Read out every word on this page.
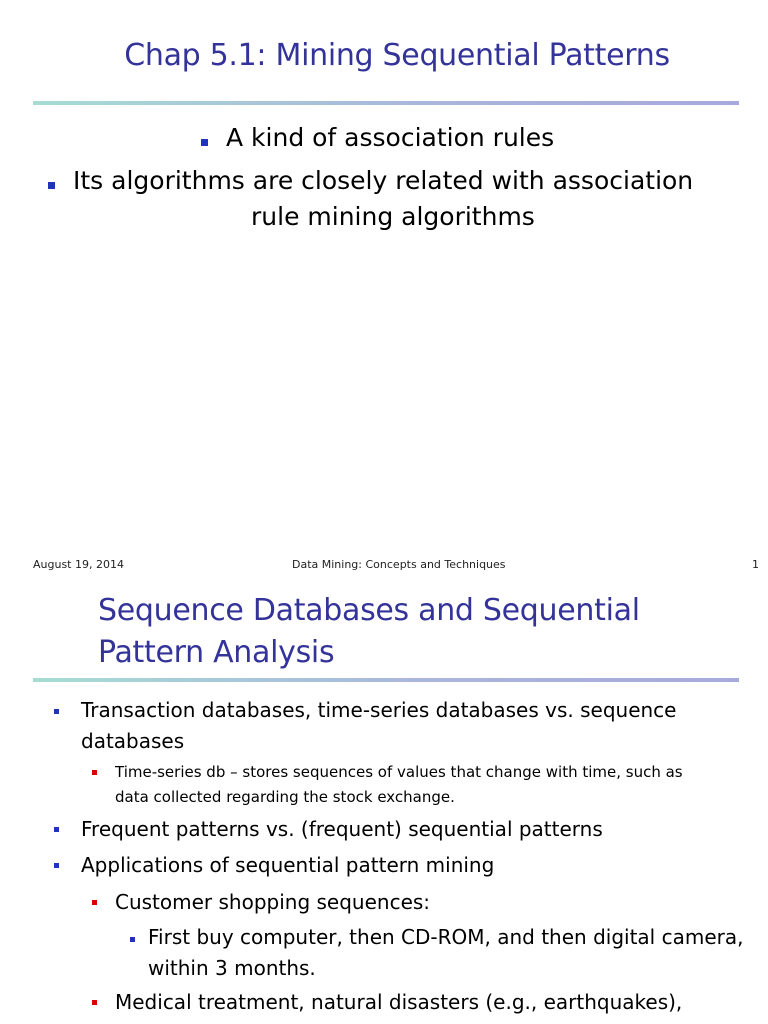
Chap 5.1: Mining Sequential Patterns
A kind of association rules
Its algorithms are closely related with association
rule mining algorithms
August 19, 2014	Data Mining: Concepts and Techniques	1
Sequence Databases and Sequential
Pattern Analysis
Transaction databases, time-series databases vs. sequence
databases
Time-series db – stores sequences of values that change with time, such as
data collected regarding the stock exchange.
Frequent patterns vs. (frequent) sequential patterns
Applications of sequential pattern mining
Customer shopping sequences:
First buy computer, then CD-ROM, and then digital camera,
within 3 months.
Medical treatment, natural disasters (e.g., earthquakes),
